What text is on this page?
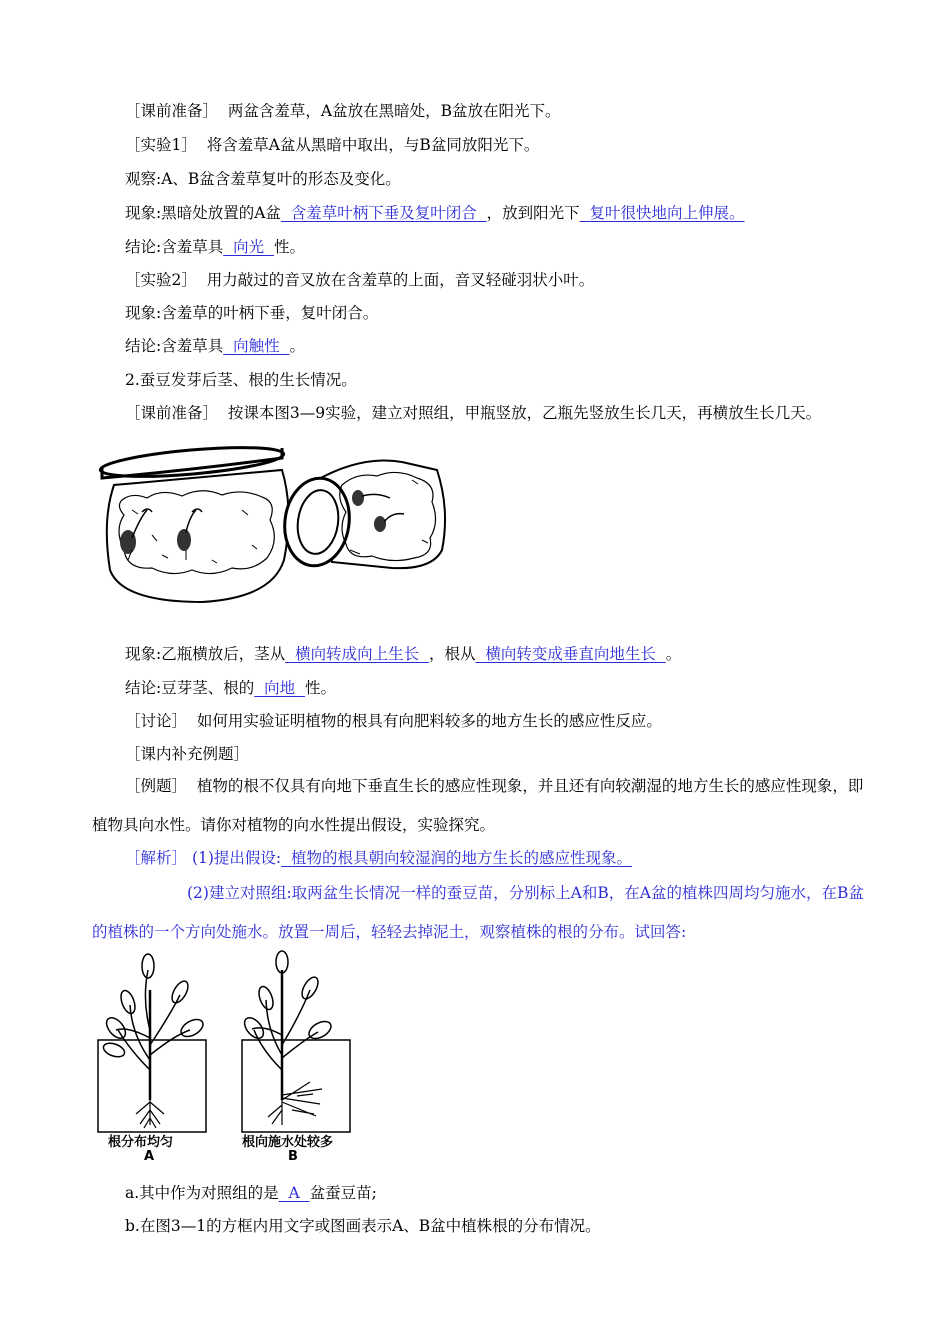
［课前准备］ 两盆含羞草，A盆放在黑暗处，B盆放在阳光下。
［实验1］ 将含羞草A盆从黑暗中取出，与B盆同放阳光下。
观察:A、B盆含羞草复叶的形态及变化。
现象:黑暗处放置的A盆  含羞草叶柄下垂及复叶闭合  ，放到阳光下  复叶很快地向上伸展。
结论:含羞草具  向光  性。
［实验2］ 用力敲过的音叉放在含羞草的上面，音叉轻碰羽状小叶。
现象:含羞草的叶柄下垂，复叶闭合。
结论:含羞草具  向触性  。
2.蚕豆发芽后茎、根的生长情况。
［课前准备］ 按课本图3—9实验，建立对照组，甲瓶竖放，乙瓶先竖放生长几天，再横放生长几天。
现象:乙瓶横放后，茎从  横向转成向上生长  ，根从  横向转变成垂直向地生长  。
结论:豆芽茎、根的  向地  性。
［讨论］ 如何用实验证明植物的根具有向肥料较多的地方生长的感应性反应。
［课内补充例题］
［例题］ 植物的根不仅具有向地下垂直生长的感应性现象，并且还有向较潮湿的地方生长的感应性现象，即植物具向水性。请你对植物的向水性提出假设，实验探究。
［解析］ (1)提出假设:  植物的根具朝向较湿润的地方生长的感应性现象。
(2)建立对照组:取两盆生长情况一样的蚕豆苗，分别标上A和B，在A盆的植株四周均匀施水，在B盆的植株的一个方向处施水。放置一周后，轻轻去掉泥土，观察植株的根的分布。试回答:
根分布均匀
A
根向施水处较多
B
a.其中作为对照组的是  A  盆蚕豆苗;
b.在图3—1的方框内用文字或图画表示A、B盆中植株根的分布情况。
